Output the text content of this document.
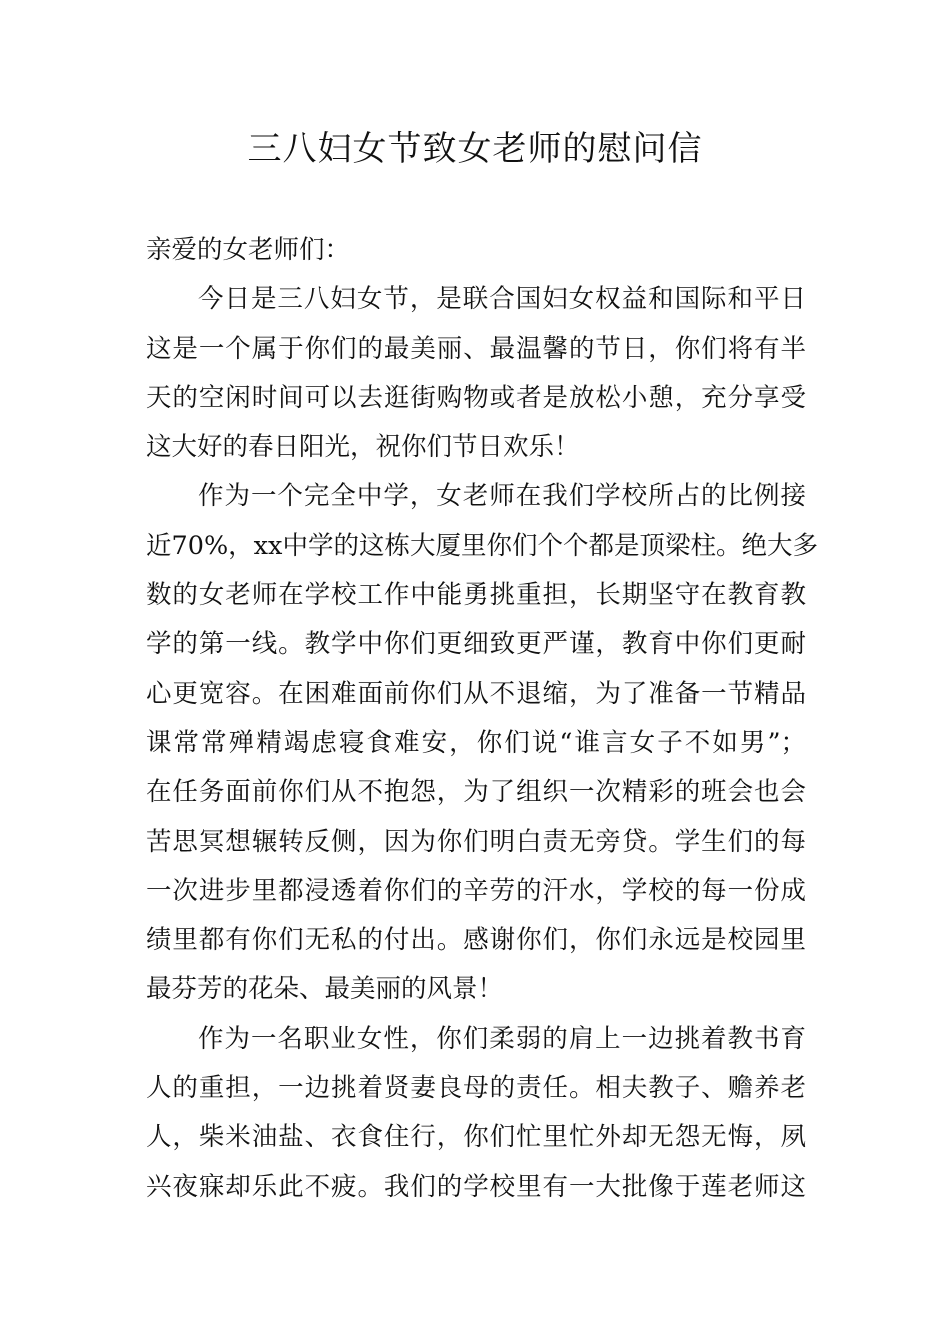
三八妇女节致女老师的慰问信
亲爱的女老师们：
今日是三八妇女节，是联合国妇女权益和国际和平日
这是一个属于你们的最美丽、最温馨的节日，你们将有半
天的空闲时间可以去逛街购物或者是放松小憩，充分享受
这大好的春日阳光，祝你们节日欢乐！
作为一个完全中学，女老师在我们学校所占的比例接
近70%，xx中学的这栋大厦里你们个个都是顶梁柱。绝大多
数的女老师在学校工作中能勇挑重担，长期坚守在教育教
学的第一线。教学中你们更细致更严谨，教育中你们更耐
心更宽容。在困难面前你们从不退缩，为了准备一节精品
课常常殚精竭虑寝食难安，你们说“谁言女子不如男”；
在任务面前你们从不抱怨，为了组织一次精彩的班会也会
苦思冥想辗转反侧，因为你们明白责无旁贷。学生们的每
一次进步里都浸透着你们的辛劳的汗水，学校的每一份成
绩里都有你们无私的付出。感谢你们，你们永远是校园里
最芬芳的花朵、最美丽的风景！
作为一名职业女性，你们柔弱的肩上一边挑着教书育
人的重担，一边挑着贤妻良母的责任。相夫教子、赡养老
人，柴米油盐、衣食住行，你们忙里忙外却无怨无悔，夙
兴夜寐却乐此不疲。我们的学校里有一大批像于莲老师这
